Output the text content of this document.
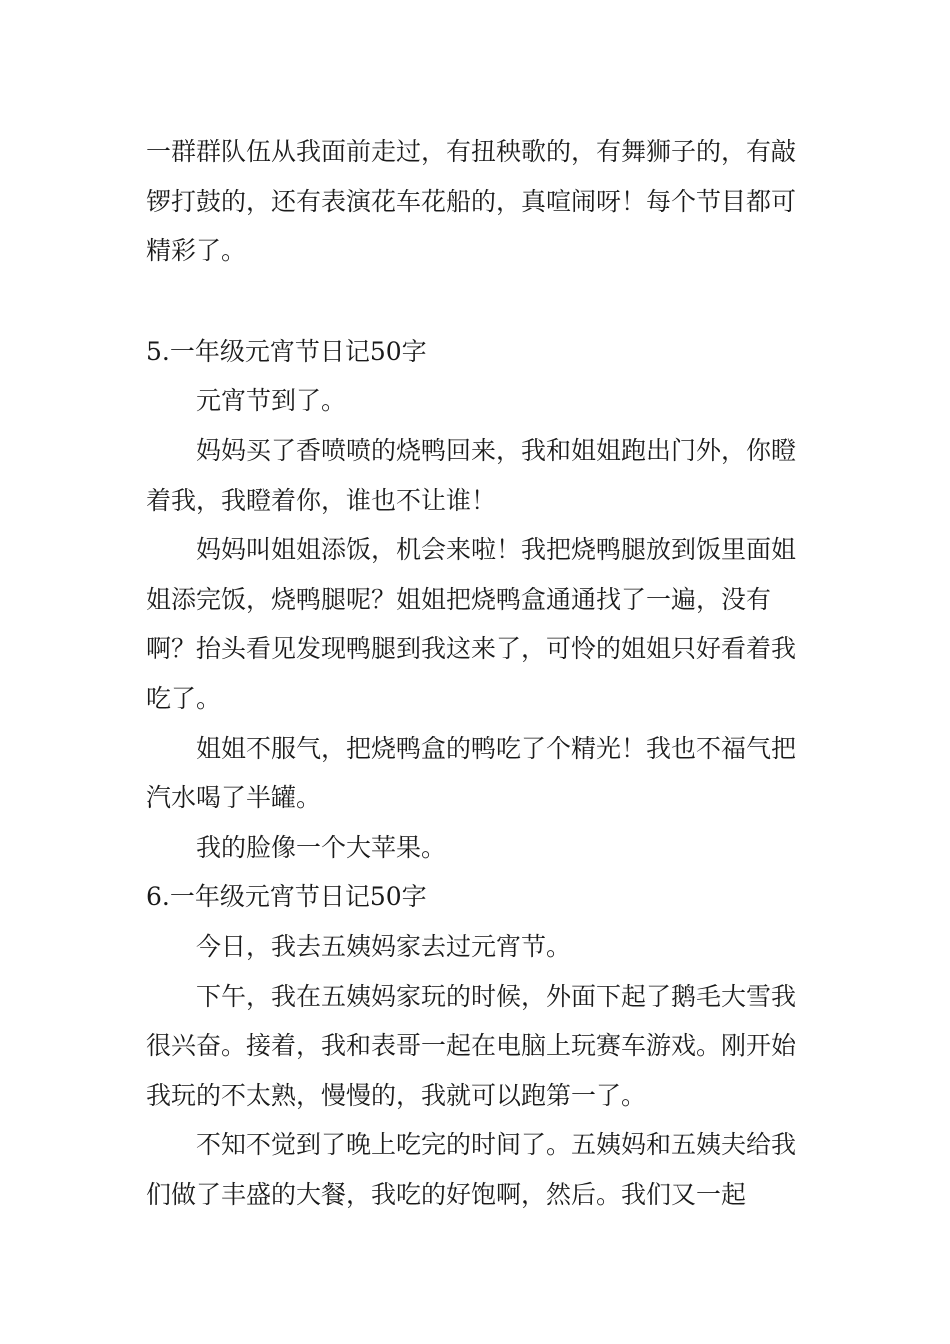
一群群队伍从我面前走过，有扭秧歌的，有舞狮子的，有敲锣打鼓的，还有表演花车花船的，真喧闹呀！每个节目都可精彩了。

5.一年级元宵节日记50字

元宵节到了。

妈妈买了香喷喷的烧鸭回来，我和姐姐跑出门外，你瞪着我，我瞪着你，谁也不让谁！

妈妈叫姐姐添饭，机会来啦！我把烧鸭腿放到饭里面姐姐添完饭，烧鸭腿呢？姐姐把烧鸭盒通通找了一遍，没有啊？抬头看见发现鸭腿到我这来了，可怜的姐姐只好看着我吃了。

姐姐不服气，把烧鸭盒的鸭吃了个精光！我也不福气把汽水喝了半罐。

我的脸像一个大苹果。

6.一年级元宵节日记50字

今日，我去五姨妈家去过元宵节。

下午，我在五姨妈家玩的时候，外面下起了鹅毛大雪我很兴奋。接着，我和表哥一起在电脑上玩赛车游戏。刚开始我玩的不太熟，慢慢的，我就可以跑第一了。

不知不觉到了晚上吃完的时间了。五姨妈和五姨夫给我们做了丰盛的大餐，我吃的好饱啊，然后。我们又一起
